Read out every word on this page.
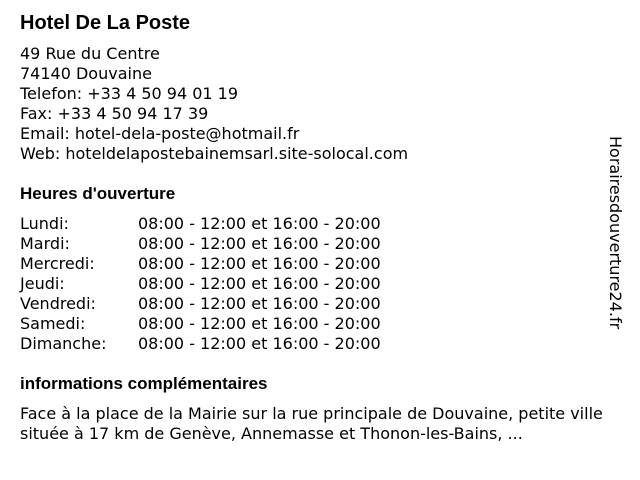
Hotel De La Poste
49 Rue du Centre
74140 Douvaine
Telefon: +33 4 50 94 01 19
Fax: +33 4 50 94 17 39
Email: hotel-dela-poste@hotmail.fr
Web: hoteldelapostebainemsarl.site-solocal.com
Heures d'ouverture
Lundi:	08:00 - 12:00 et 16:00 - 20:00
Mardi:	08:00 - 12:00 et 16:00 - 20:00
Mercredi:	08:00 - 12:00 et 16:00 - 20:00
Jeudi:	08:00 - 12:00 et 16:00 - 20:00
Vendredi:	08:00 - 12:00 et 16:00 - 20:00
Samedi:	08:00 - 12:00 et 16:00 - 20:00
Dimanche:	08:00 - 12:00 et 16:00 - 20:00
informations complémentaires
Face à la place de la Mairie sur la rue principale de Douvaine, petite ville située à 17 km de Genève, Annemasse et Thonon-les-Bains, ...
Horairesdouverture24.fr
